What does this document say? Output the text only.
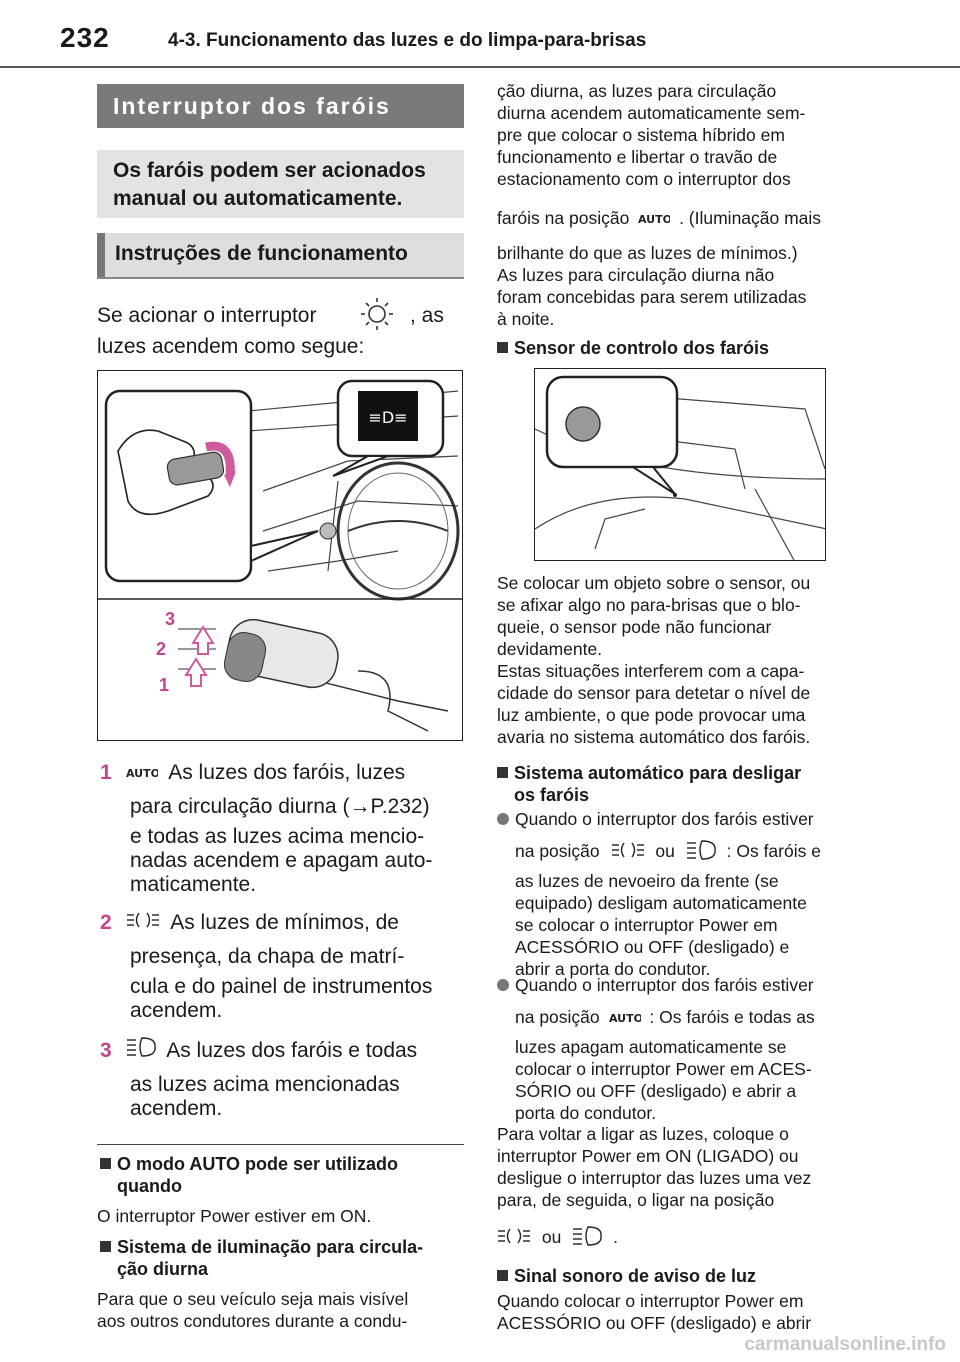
232	4-3. Funcionamento das luzes e do limpa-para-brisas
Interruptor dos faróis
Os faróis podem ser acionados
manual ou automaticamente.
Instruções de funcionamento
Se acionar o interruptor	, as
luzes acendem como segue:
≡D≡
3
2
1
1 AUTO As luzes dos faróis, luzes
para circulação diurna (→P.232)
e todas as luzes acima mencio-
nadas acendem e apagam auto-
maticamente.
2	As luzes de mínimos, de
presença, da chapa de matrí-
cula e do painel de instrumentos
acendem.
3	As luzes dos faróis e todas
as luzes acima mencionadas
acendem.
O modo AUTO pode ser utilizado
quando
O interruptor Power estiver em ON.
Sistema de iluminação para circula-
ção diurna
Para que o seu veículo seja mais visível
aos outros condutores durante a condu-
ção diurna, as luzes para circulação
diurna acendem automaticamente sem-
pre que colocar o sistema híbrido em
funcionamento e libertar o travão de
estacionamento com o interruptor dos
faróis na posição AUTO . (Iluminação mais
brilhante do que as luzes de mínimos.)
As luzes para circulação diurna não
foram concebidas para serem utilizadas
à noite.
Sensor de controlo dos faróis
Se colocar um objeto sobre o sensor, ou
se afixar algo no para-brisas que o blo-
queie, o sensor pode não funcionar
devidamente.
Estas situações interferem com a capa-
cidade do sensor para detetar o nível de
luz ambiente, o que pode provocar uma
avaria no sistema automático dos faróis.
Sistema automático para desligar
os faróis
Quando o interruptor dos faróis estiver
na posição	ou	: Os faróis e
as luzes de nevoeiro da frente (se
equipado) desligam automaticamente
se colocar o interruptor Power em
ACESSÓRIO ou OFF (desligado) e
abrir a porta do condutor.
Quando o interruptor dos faróis estiver
na posição AUTO : Os faróis e todas as
luzes apagam automaticamente se
colocar o interruptor Power em ACES-
SÓRIO ou OFF (desligado) e abrir a
porta do condutor.
Para voltar a ligar as luzes, coloque o
interruptor Power em ON (LIGADO) ou
desligue o interruptor das luzes uma vez
para, de seguida, o ligar na posição
ou	.
Sinal sonoro de aviso de luz
Quando colocar o interruptor Power em
ACESSÓRIO ou OFF (desligado) e abrir
carmanualsonline.info
